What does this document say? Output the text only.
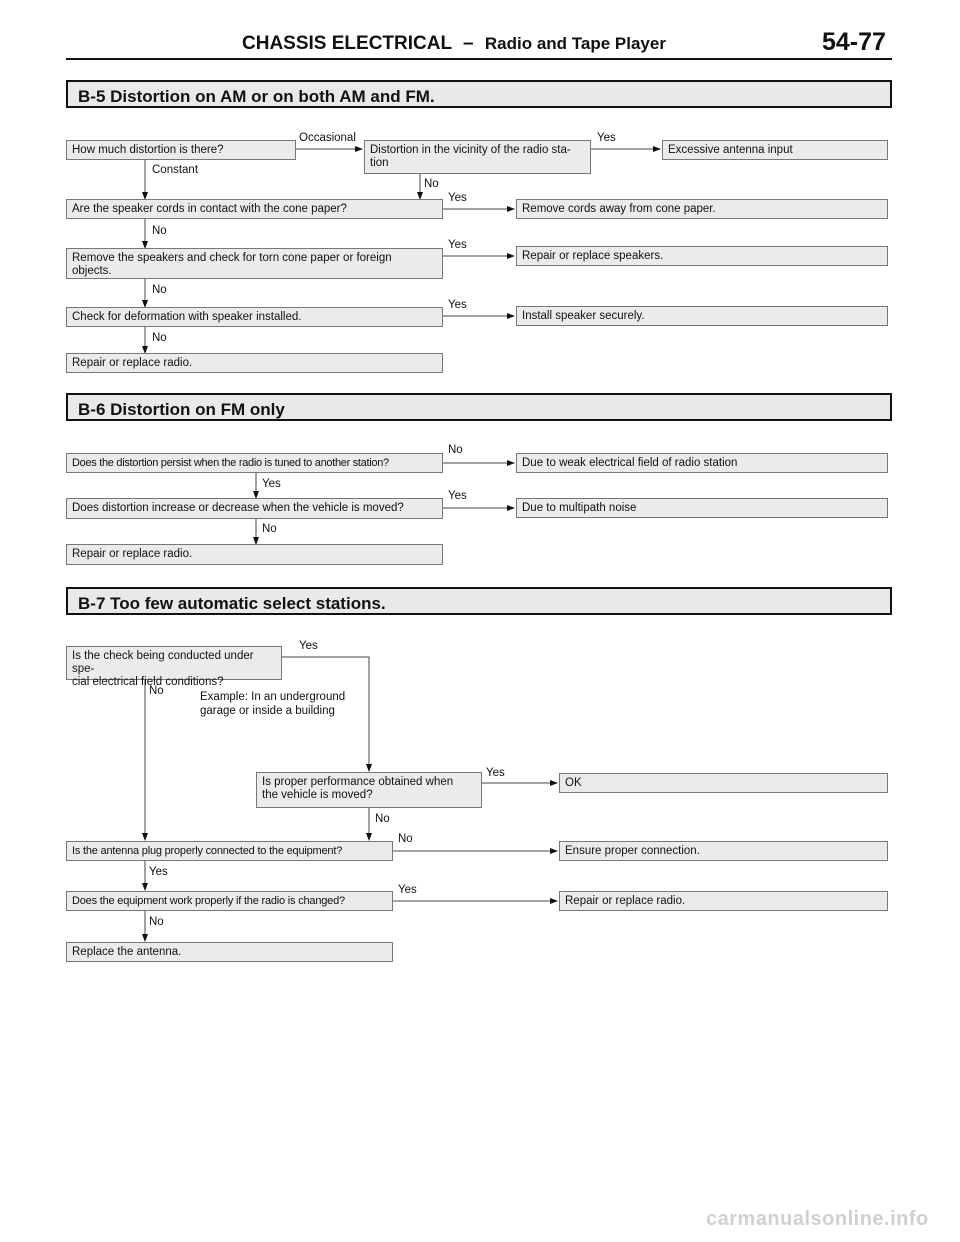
CHASSIS ELECTRICAL – Radio and Tape Player	54-77
B-5 Distortion on AM or on both AM and FM.
How much distortion is there?
Occasional
Constant
Distortion in the vicinity of the radio sta-
tion
Yes
Excessive antenna input
No
Are the speaker cords in contact with the cone paper?
Yes
Remove cords away from cone paper.
No
Remove the speakers and check for torn cone paper or foreign
objects.
Yes
Repair or replace speakers.
No
Check for deformation with speaker installed.
Yes
Install speaker securely.
No
Repair or replace radio.
B-6 Distortion on FM only
Does the distortion persist when the radio is tuned to another station?
No
Due to weak electrical field of radio station
Yes
Does distortion increase or decrease when the vehicle is moved?
Yes
Due to multipath noise
No
Repair or replace radio.
B-7 Too few automatic select stations.
Is the check being conducted under spe-
cial electrical field conditions?
Yes
No	Example: In an underground
garage or inside a building
Is proper performance obtained when
the vehicle is moved?
Yes
OK
No
Is the antenna plug properly connected to the equipment?
No
Ensure proper connection.
Yes
Does the equipment work properly if the radio is changed?
Yes
Repair or replace radio.
No
Replace the antenna.
carmanualsonline.info
